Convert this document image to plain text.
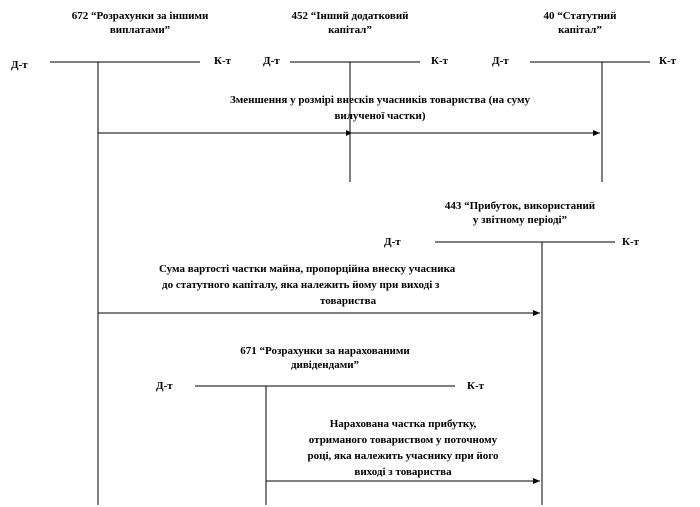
672 “Розрахунки за іншими
виплатами”
452 “Інший додатковий
капітал”
40 “Статутний
капітал”
443 “Прибуток, використаний
у звітному періоді”
671 “Розрахунки за нарахованими
дивідендами”
Д-т	К-т	Д-т	К-т	Д-т	К-т
Д-т	К-т
Д-т	К-т
Зменшення у розмірі внесків учасників товариства (на суму
вилученої частки)
Сума вартості частки майна, пропорційна внеску учасника
до статутного капіталу, яка належить йому при виході з
товариства
Нарахована частка прибутку,
отриманого товариством у поточному
році, яка належить учаснику при його
виході з товариства
